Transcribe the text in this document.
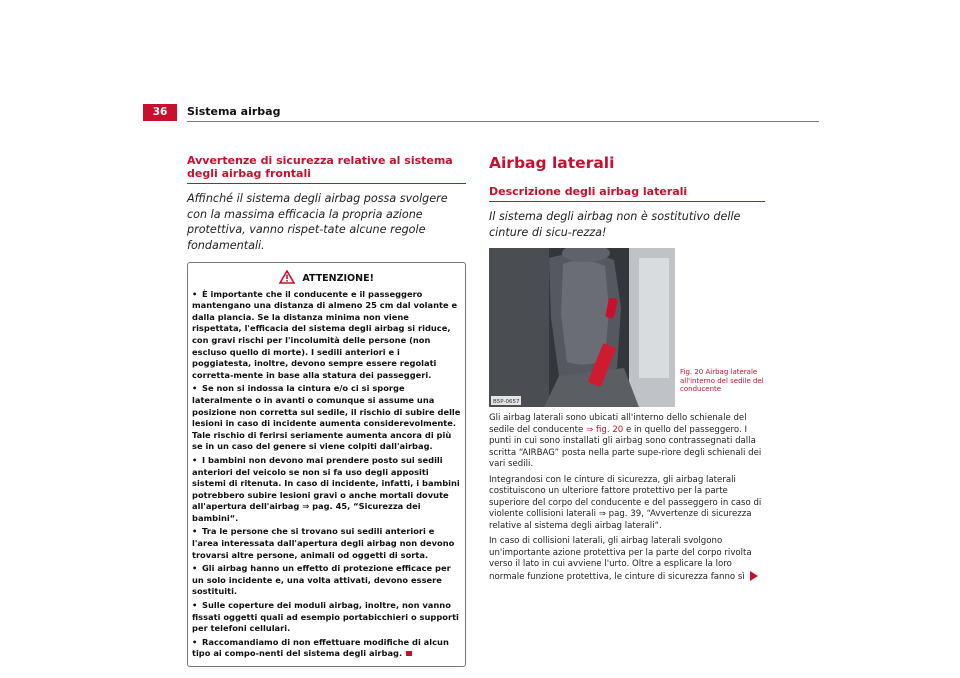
36	Sistema airbag
Avvertenze di sicurezza relative al sistema degli airbag frontali
Affinché il sistema degli airbag possa svolgere con la massima efficacia la propria azione protettiva, vanno rispet-tate alcune regole fondamentali.
ATTENZIONE!
• È importante che il conducente e il passeggero mantengano una distanza di almeno 25 cm dal volante e dalla plancia. Se la distanza minima non viene rispettata, l'efficacia del sistema degli airbag si riduce, con gravi rischi per l'incolumità delle persone (non escluso quello di morte). I sedili anteriori e i poggiatesta, inoltre, devono sempre essere regolati corretta-mente in base alla statura dei passeggeri.
• Se non si indossa la cintura e/o ci si sporge lateralmente o in avanti o comunque si assume una posizione non corretta sul sedile, il rischio di subire delle lesioni in caso di incidente aumenta considerevolmente. Tale rischio di ferirsi seriamente aumenta ancora di più se in un caso del genere si viene colpiti dall'airbag.
• I bambini non devono mai prendere posto sui sedili anteriori del veicolo se non si fa uso degli appositi sistemi di ritenuta. In caso di incidente, infatti, i bambini potrebbero subire lesioni gravi o anche mortali dovute all'apertura dell'airbag ⇒ pag. 45, “Sicurezza dei bambini“.
• Tra le persone che si trovano sui sedili anteriori e l'area interessata dall'apertura degli airbag non devono trovarsi altre persone, animali od oggetti di sorta.
• Gli airbag hanno un effetto di protezione efficace per un solo incidente e, una volta attivati, devono essere sostituiti.
• Sulle coperture dei moduli airbag, inoltre, non vanno fissati oggetti quali ad esempio portabicchieri o supporti per telefoni cellulari.
• Raccomandiamo di non effettuare modifiche di alcun tipo ai compo-nenti del sistema degli airbag.
Airbag laterali
Descrizione degli airbag laterali
Il sistema degli airbag non è sostitutivo delle cinture di sicu-rezza!
B5P-0657
Fig. 20 Airbag laterale all'interno del sedile del conducente

Gli airbag laterali sono ubicati all'interno dello schienale del sedile del conducente ⇒ fig. 20 e in quello del passeggero. I punti in cui sono installati gli airbag sono contrassegnati dalla scritta “AIRBAG” posta nella parte supe-riore degli schienali dei vari sedili.

Integrandosi con le cinture di sicurezza, gli airbag laterali costituiscono un ulteriore fattore protettivo per la parte superiore del corpo del conducente e del passeggero in caso di violente collisioni laterali ⇒ pag. 39, “Avvertenze di sicurezza relative al sistema degli airbag laterali“.

In caso di collisioni laterali, gli airbag laterali svolgono un'importante azione protettiva per la parte del corpo rivolta verso il lato in cui avviene l'urto. Oltre a esplicare la loro normale funzione protettiva, le cinture di sicurezza fanno sì
